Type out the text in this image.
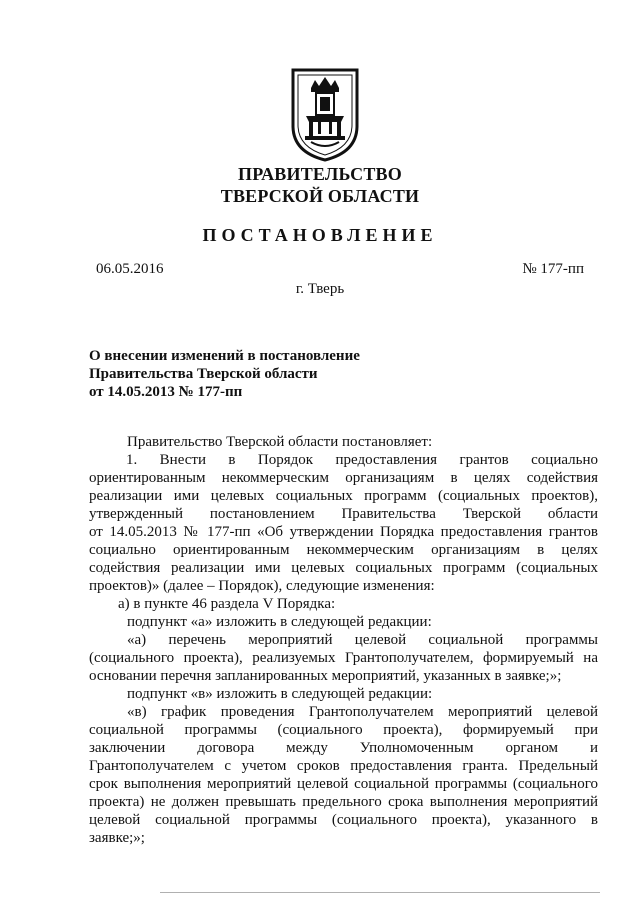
ПРАВИТЕЛЬСТВО
ТВЕРСКОЙ ОБЛАСТИ
ПОСТАНОВЛЕНИЕ
06.05.2016	№ 177-пп
г. Тверь
О внесении изменений в постановление
Правительства Тверской области
от 14.05.2013 № 177-пп
Правительство Тверской области постановляет:
1. Внести в Порядок предоставления грантов социально
ориентированным некоммерческим организациям в целях содействия
реализации ими целевых социальных программ (социальных проектов),
утвержденный постановлением Правительства Тверской области
от 14.05.2013 № 177-пп «Об утверждении Порядка предоставления грантов
социально ориентированным некоммерческим организациям в целях
содействия реализации ими целевых социальных программ (социальных
проектов)» (далее – Порядок), следующие изменения:
а) в пункте 46 раздела V Порядка:
подпункт «а» изложить в следующей редакции:
«а) перечень мероприятий целевой социальной программы
(социального проекта), реализуемых Грантополучателем, формируемый на
основании перечня запланированных мероприятий, указанных в заявке;»;
подпункт «в» изложить в следующей редакции:
«в) график проведения Грантополучателем мероприятий целевой
социальной программы (социального проекта), формируемый при
заключении договора между Уполномоченным органом и
Грантополучателем с учетом сроков предоставления гранта. Предельный
срок выполнения мероприятий целевой социальной программы (социального
проекта) не должен превышать предельного срока выполнения мероприятий
целевой социальной программы (социального проекта), указанного в
заявке;»;
